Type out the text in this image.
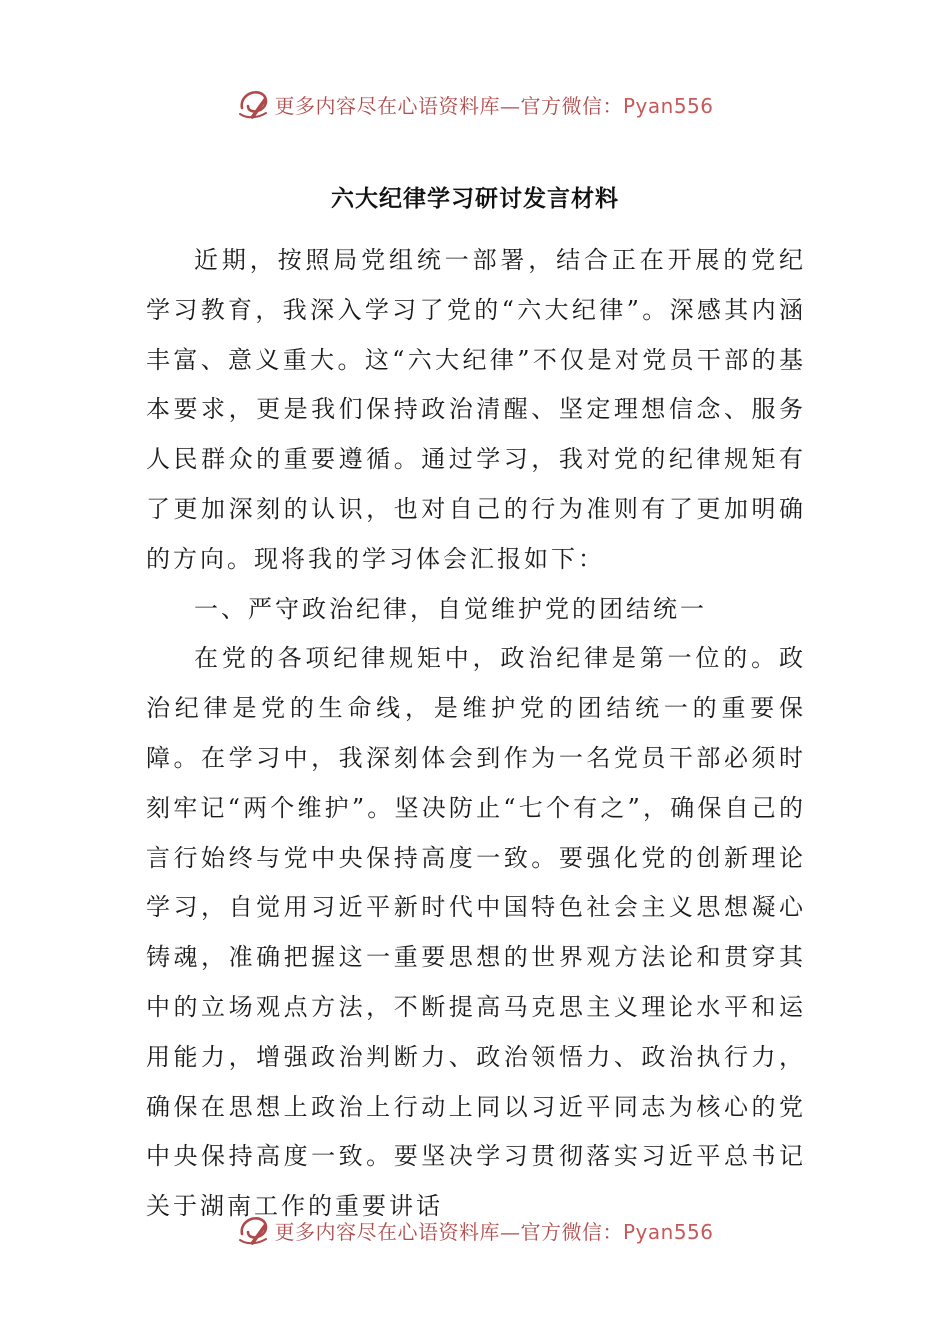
更多内容尽在心语资料库—官方微信：Pyan556
六大纪律学习研讨发言材料

近期，按照局党组统一部署，结合正在开展的党纪学习教育，我深入学习了党的“六大纪律”。深感其内涵丰富、意义重大。这“六大纪律”不仅是对党员干部的基本要求，更是我们保持政治清醒、坚定理想信念、服务人民群众的重要遵循。通过学习，我对党的纪律规矩有了更加深刻的认识，也对自己的行为准则有了更加明确的方向。现将我的学习体会汇报如下：

一、严守政治纪律，自觉维护党的团结统一

在党的各项纪律规矩中，政治纪律是第一位的。政治纪律是党的生命线，是维护党的团结统一的重要保障。在学习中，我深刻体会到作为一名党员干部必须时刻牢记“两个维护”。坚决防止“七个有之”，确保自己的言行始终与党中央保持高度一致。要强化党的创新理论学习，自觉用习近平新时代中国特色社会主义思想凝心铸魂，准确把握这一重要思想的世界观方法论和贯穿其中的立场观点方法，不断提高马克思主义理论水平和运用能力，增强政治判断力、政治领悟力、政治执行力，确保在思想上政治上行动上同以习近平同志为核心的党中央保持高度一致。要坚决学习贯彻落实习近平总书记关于湖南工作的重要讲话

更多内容尽在心语资料库—官方微信：Pyan556
